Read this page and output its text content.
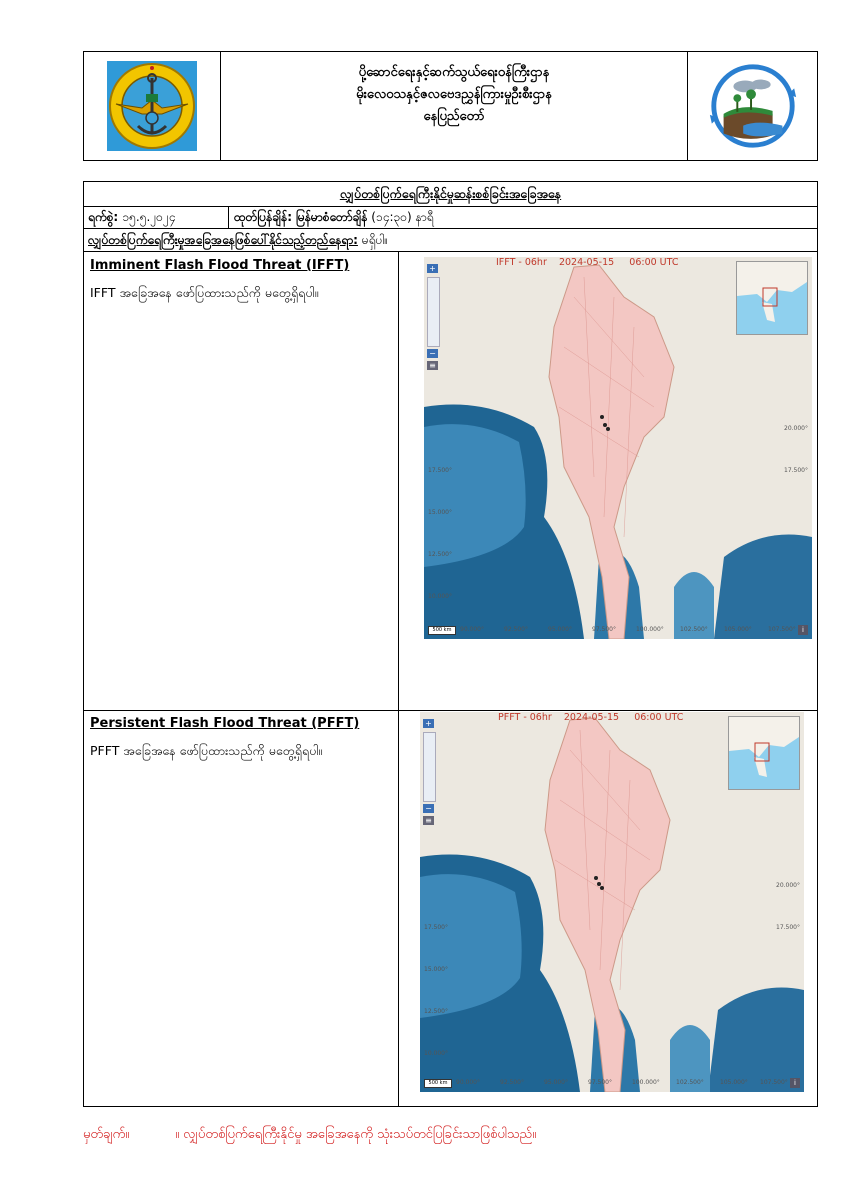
ပို့ဆောင်ရေးနှင့်ဆက်သွယ်ရေးဝန်ကြီးဌာန
မိုးလေဝသနှင့်ဇလဗေဒညွှန်ကြားမှုဦးစီးဌာန
နေပြည်တော်
လျှပ်တစ်ပြက်ရေကြီးနိုင်မှုဆန်းစစ်ခြင်းအခြေအနေ
ရက်စွဲ: ၁၅.၅.၂၀၂၄	ထုတ်ပြန်ချိန်: မြန်မာစံတော်ချိန် (၁၄:၃၀) နာရီ
လျှပ်တစ်ပြက်ရေကြီးမှုအခြေအနေဖြစ်ပေါ်နိုင်သည့်တည်နေရာ: မရှိပါ။
Imminent Flash Flood Threat (IFFT)
IFFT အခြေအနေ ဖော်ပြထားသည်ကို မတွေ့ရှိရပါ။
IFFT - 06hr 2024-05-15 06:00 UTC
+
−
≡
500 km	i
17.500°
15.000°
12.500°
10.000°
20.000°
17.500°
90.000°	92.500°	95.000°	97.500°	100.000°	102.500°	105.000°	107.500°
Persistent Flash Flood Threat (PFFT)
PFFT အခြေအနေ ဖော်ပြထားသည်ကို မတွေ့ရှိရပါ။
PFFT - 06hr 2024-05-15 06:00 UTC
+
−
≡
500 km	i
17.500°
15.000°
12.500°
10.000°
20.000°
17.500°
90.000°	92.500°	95.000°	97.500°	100.000°	102.500°	105.000° 107.500°
မှတ်ချက်။	။ လျှပ်တစ်ပြက်ရေကြီးနိုင်မှု အခြေအနေကို သုံးသပ်တင်ပြခြင်းသာဖြစ်ပါသည်။
